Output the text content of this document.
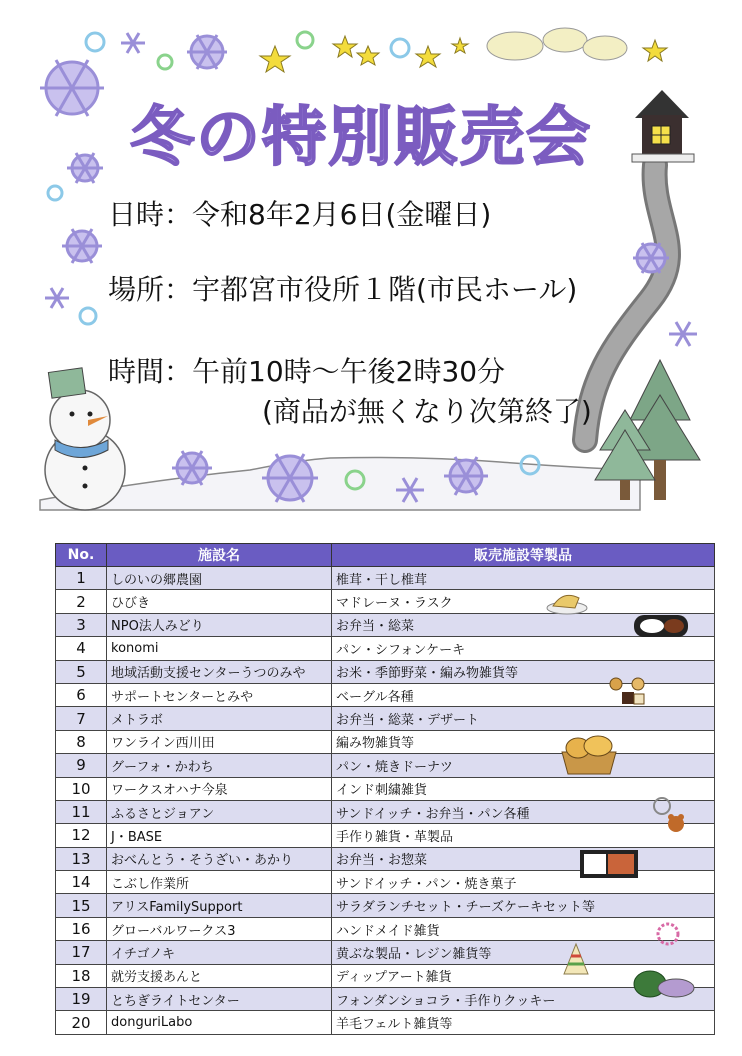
冬の特別販売会
日時：令和8年2月6日(金曜日)
場所：宇都宮市役所１階(市民ホール)
時間：午前10時～午後2時30分
(商品が無くなり次第終了)
No.	施設名	販売施設等製品
1	しのいの郷農園	椎茸・干し椎茸
2	ひびき	マドレーヌ・ラスク
3	NPO法人みどり	お弁当・総菜
4	konomi	パン・シフォンケーキ
5	地域活動支援センターうつのみや	お米・季節野菜・編み物雑貨等
6	サポートセンターとみや	ベーグル各種
7	メトラボ	お弁当・総菜・デザート
8	ワンライン西川田	編み物雑貨等
9	グーフォ・かわち	パン・焼きドーナツ
10	ワークスオハナ今泉	インド刺繍雑貨
11	ふるさとジョアン	サンドイッチ・お弁当・パン各種
12	J・BASE	手作り雑貨・革製品
13	おべんとう・そうざい・あかり	お弁当・お惣菜
14	こぶし作業所	サンドイッチ・パン・焼き菓子
15	アリスFamilySupport	サラダランチセット・チーズケーキセット等
16	グローバルワークス3	ハンドメイド雑貨
17	イチゴノキ	黄ぶな製品・レジン雑貨等
18	就労支援あんと	ディップアート雑貨
19	とちぎライトセンター	フォンダンショコラ・手作りクッキー
20	donguriLabo	羊毛フェルト雑貨等
